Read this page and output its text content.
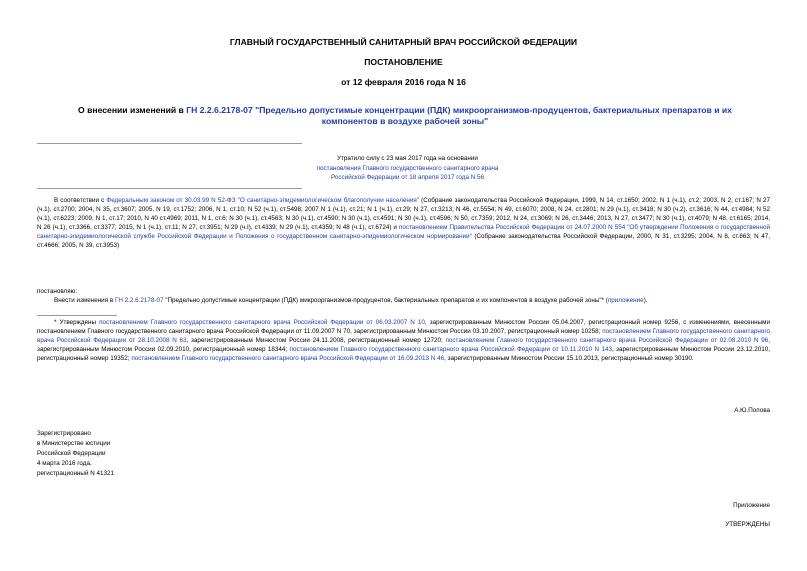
ГЛАВНЫЙ ГОСУДАРСТВЕННЫЙ САНИТАРНЫЙ ВРАЧ РОССИЙСКОЙ ФЕДЕРАЦИИ
ПОСТАНОВЛЕНИЕ
от 12 февраля 2016 года N 16
О внесении изменений в ГН 2.2.6.2178-07 "Предельно допустимые концентрации (ПДК) микроорганизмов-продуцентов, бактериальных препаратов и их компонентов в воздухе рабочей зоны"
Утратило силу с 23 мая 2017 года на основании
постановления Главного государственного санитарного врача
Российской Федерации от 18 апреля 2017 года N 56
В соответствии с Федеральным законом от 30.03.99 N 52-ФЗ "О санитарно-эпидемиологическом благополучии населения" (Собрание законодательства Российской Федерации, 1999, N 14, ст.1650; 2002, N 1 (ч.1), ст.2; 2003, N 2, ст.167; N 27 (ч.1), ст.2700; 2004, N 35, ст.3607; 2005, N 19, ст.1752; 2006, N 1, ст.10; N 52 (ч.1), ст.5498; 2007 N 1 (ч.1), ст.21; N 1 (ч.1), ст.29; N 27, ст.3213; N 46, ст.5554; N 49, ст.6070; 2008, N 24, ст.2801; N 29 (ч.1), ст.3418; N 30 (ч.2), ст.3616; N 44, ст.4984; N 52 (ч.1), ст.6223; 2009, N 1, ст.17; 2010, N 40 ст.4969; 2011, N 1, ст.6; N 30 (ч.1), ст.4563; N 30 (ч.1), ст.4590; N 30 (ч.1), ст.4591; N 30 (ч.1), ст.4596; N 50, ст.7359; 2012, N 24, ст.3069; N 26, ст.3446; 2013, N 27, ст.3477; N 30 (ч.1), ст.4079; N 48, ст.6165; 2014, N 26 (ч.1), ст.3366, ст.3377; 2015, N 1 (ч.1), ст.11; N 27, ст.3951; N 29 (ч.I), ст.4339; N 29 (ч.1), ст.4359; N 48 (ч.1), ст.6724) и постановлением Правительства Российской Федерации от 24.07.2000 N 554 "Об утверждении Положения о государственной санитарно-эпидемиологической службе Российской Федерации и Положения о государственном санитарно-эпидемиологическом нормировании" (Собрание законодательства Российской Федерации, 2000, N 31, ст.3295; 2004, N 8, ст.663; N 47, ст.4666; 2005, N 39, ст.3953)
постановляю:
Внести изменения в ГН 2.2.6.2178-07 "Предельно допустимые концентрации (ПДК) микроорганизмов-продуцентов, бактериальных препаратов и их компонентов в воздухе рабочей зоны"* (приложение).
* Утверждены постановлением Главного государственного санитарного врача Российской Федерации от 06.03.2007 N 10, зарегистрированным Минюстом России 05.04.2007, регистрационный номер 9256, с изменениями, внесенными постановлением Главного государственного санитарного врача Российской Федерации от 11.09.2007 N 70, зарегистрированным Минюстом России 03.10.2007, регистрационный номер 10258; постановлением Главного государственного санитарного врача Российской Федерации от 28.10.2008 N 63, зарегистрированным Минюстом России 24.11.2008, регистрационный номер 12720; постановлением Главного государственного санитарного врача Российской Федерации от 02.08.2010 N 96, зарегистрированным Минюстом России 02.09.2010, регистрационный номер 18344; постановлением Главного государственного санитарного врача Российской Федерации от 10.11.2010 N 143, зарегистрированным Минюстом России 23.12.2010, регистрационный номер 19352; постановлением Главного государственного санитарного врача Российской Федерации от 16.09.2013 N 46, зарегистрированным Минюстом России 15.10.2013, регистрационный номер 30190.
А.Ю.Попова
Зарегистрировано
в Министерстве юстиции
Российской Федерации
4 марта 2016 года,
регистрационный N 41321
Приложение
УТВЕРЖДЕНЫ
